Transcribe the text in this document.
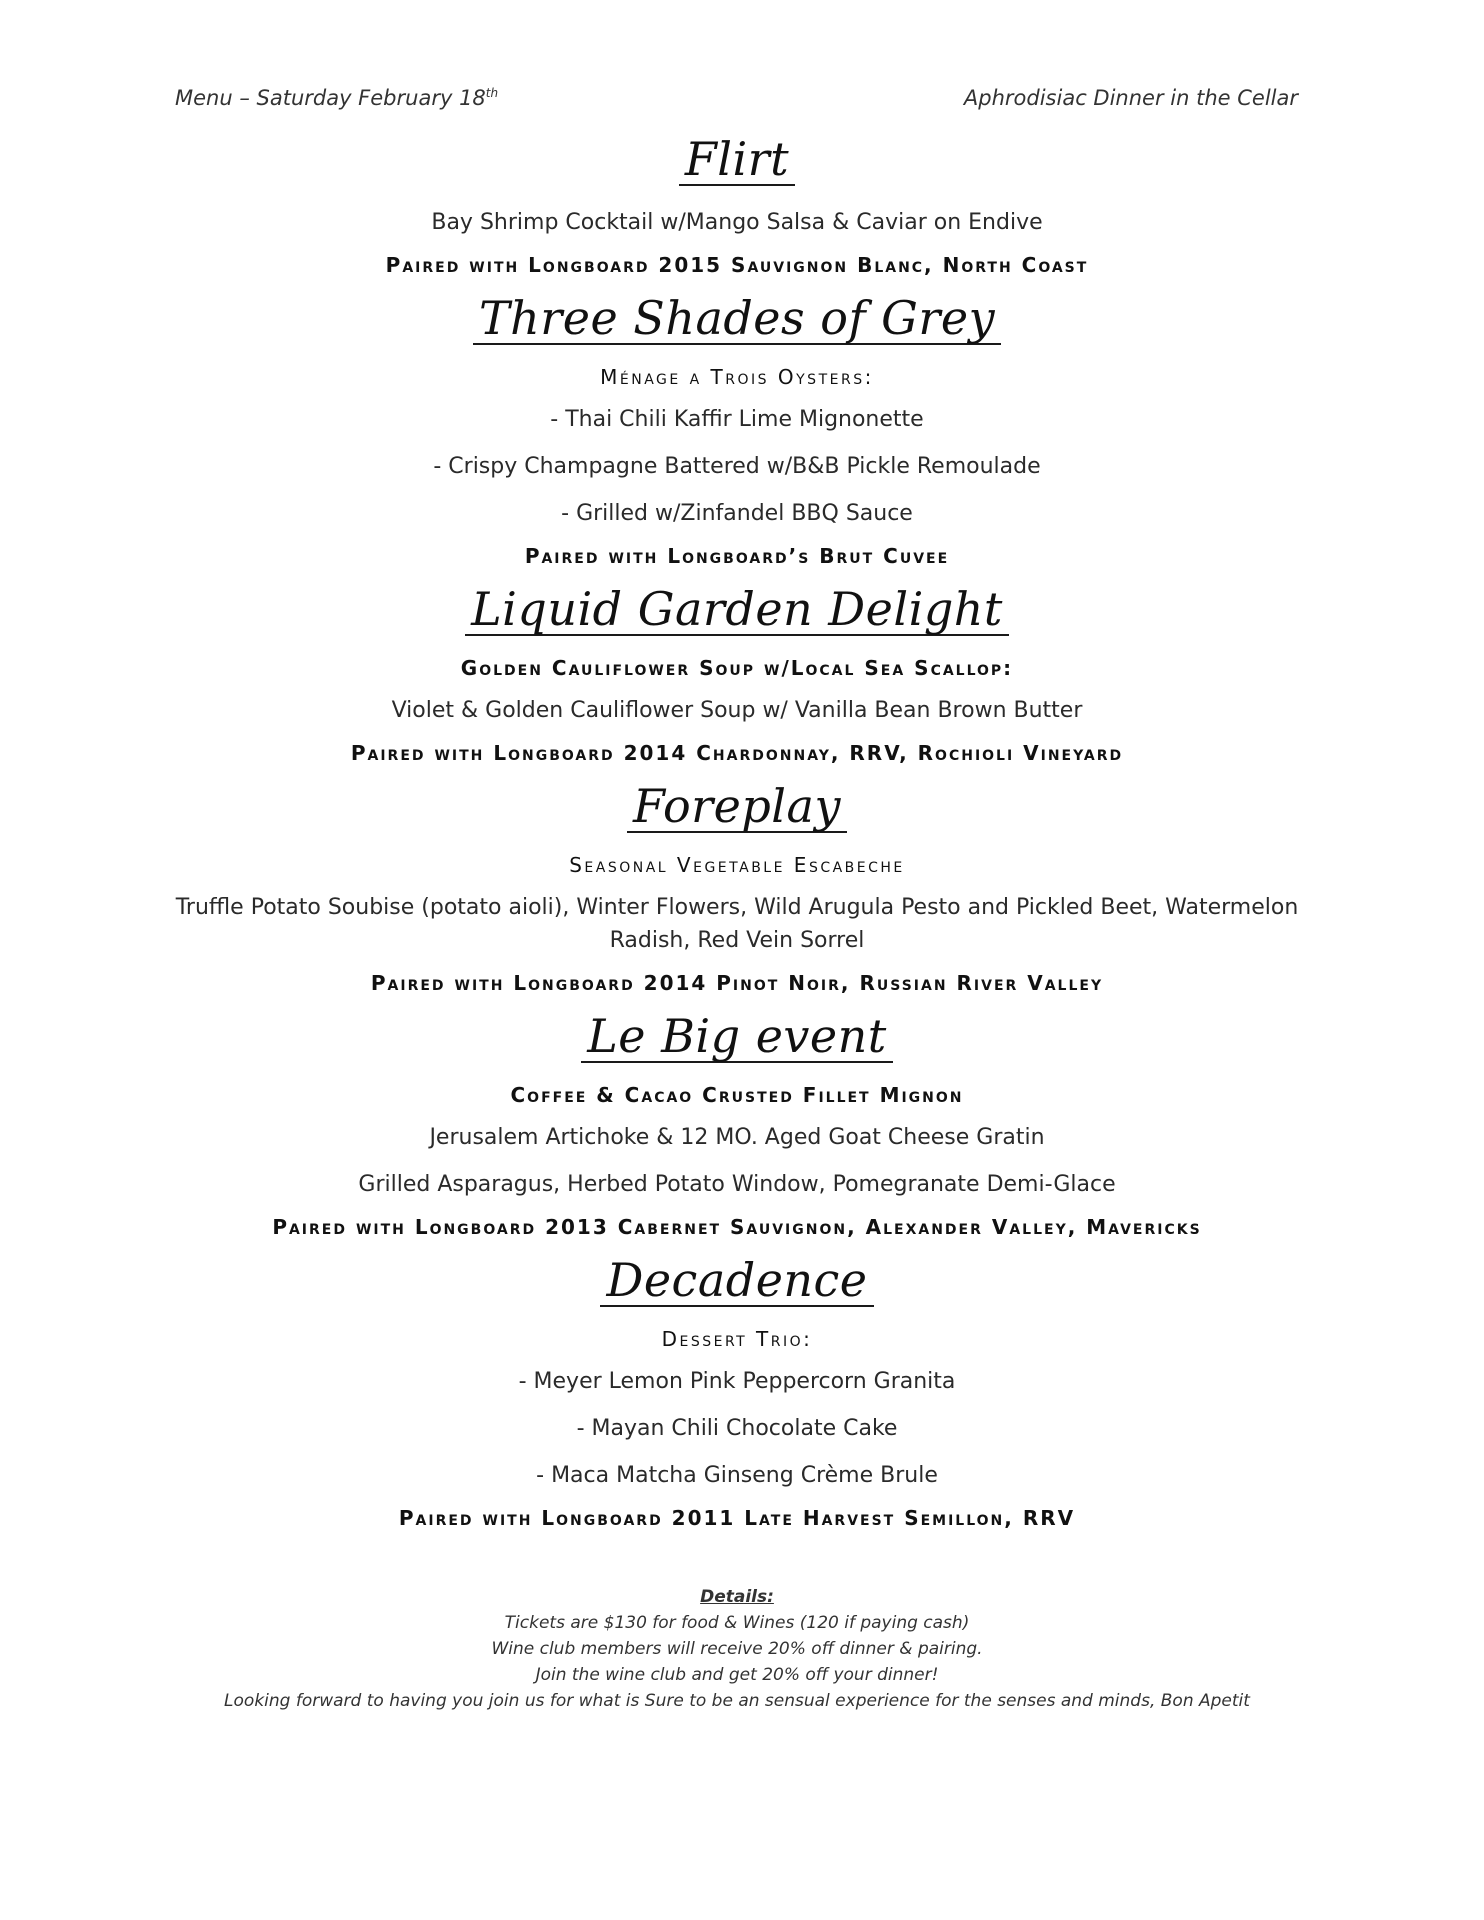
Menu – Saturday February 18th	Aphrodisiac Dinner in the Cellar
Flirt
Bay Shrimp Cocktail w/Mango Salsa & Caviar on Endive
Paired with Longboard 2015 Sauvignon Blanc, North Coast
Three Shades of Grey
Ménage a Trois Oysters:
- Thai Chili Kaffir Lime Mignonette
- Crispy Champagne Battered w/B&B Pickle Remoulade
- Grilled w/Zinfandel BBQ Sauce
Paired with Longboard’s Brut Cuvee
Liquid Garden Delight
Golden Cauliflower Soup w/Local Sea Scallop:
Violet & Golden Cauliflower Soup w/ Vanilla Bean Brown Butter
Paired with Longboard 2014 Chardonnay, RRV, Rochioli Vineyard
Foreplay
Seasonal Vegetable Escabeche
Truffle Potato Soubise (potato aioli), Winter Flowers, Wild Arugula Pesto and Pickled Beet, Watermelon
Radish, Red Vein Sorrel
Paired with Longboard 2014 Pinot Noir, Russian River Valley
Le Big event
Coffee & Cacao Crusted Fillet Mignon
Jerusalem Artichoke & 12 MO. Aged Goat Cheese Gratin
Grilled Asparagus, Herbed Potato Window, Pomegranate Demi-Glace
Paired with Longboard 2013 Cabernet Sauvignon, Alexander Valley, Mavericks
Decadence
Dessert Trio:
- Meyer Lemon Pink Peppercorn Granita
- Mayan Chili Chocolate Cake
- Maca Matcha Ginseng Crème Brule
Paired with Longboard 2011 Late Harvest Semillon, RRV
Details:
Tickets are $130 for food & Wines (120 if paying cash)
Wine club members will receive 20% off dinner & pairing.
Join the wine club and get 20% off your dinner!
Looking forward to having you join us for what is Sure to be an sensual experience for the senses and minds, Bon Apetit
